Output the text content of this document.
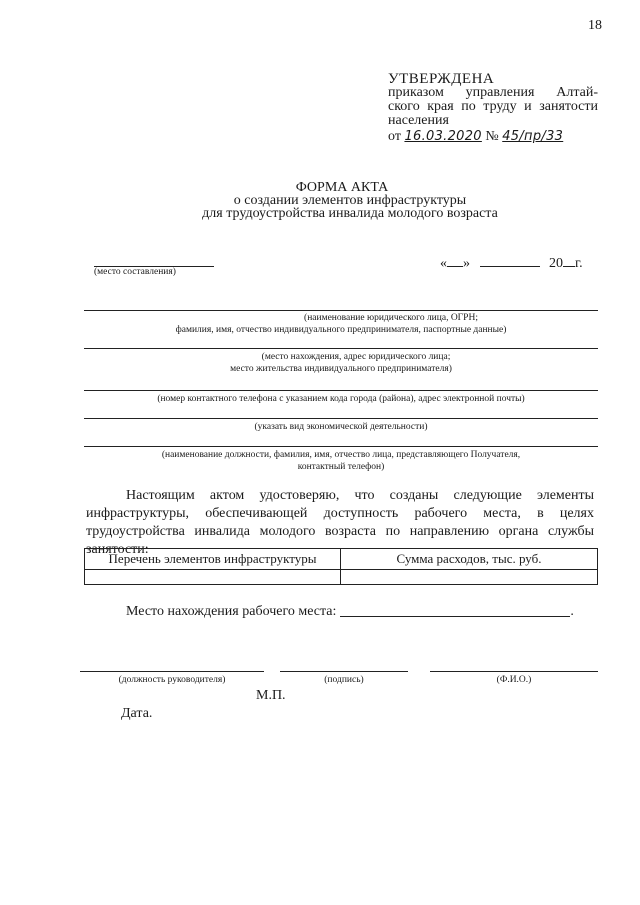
18
УТВЕРЖДЕНА
приказом управления Алтай-
ского края по труду и занятости
населения
от 16.03.2020 № 45/пр/33
ФОРМА АКТА
о создании элементов инфраструктуры
для трудоустройства инвалида молодого возраста
(место составления)
« »	20 г.
(наименование юридического лица, ОГРН;
фамилия, имя, отчество индивидуального предпринимателя, паспортные данные)
(место нахождения, адрес юридического лица;
место жительства индивидуального предпринимателя)
(номер контактного телефона с указанием кода города (района), адрес электронной почты)
(указать вид экономической деятельности)
(наименование должности, фамилия, имя, отчество лица, представляющего Получателя,
контактный телефон)
Настоящим актом удостоверяю, что созданы следующие элементы инфраструктуры, обеспечивающей доступность рабочего места, в целях трудоустройства инвалида молодого возраста по направлению органа службы занятости:
Перечень элементов инфраструктуры	Сумма расходов, тыс. руб.

Место нахождения рабочего места:	.
(должность руководителя)	(подпись)	(Ф.И.О.)
М.П.
Дата.
